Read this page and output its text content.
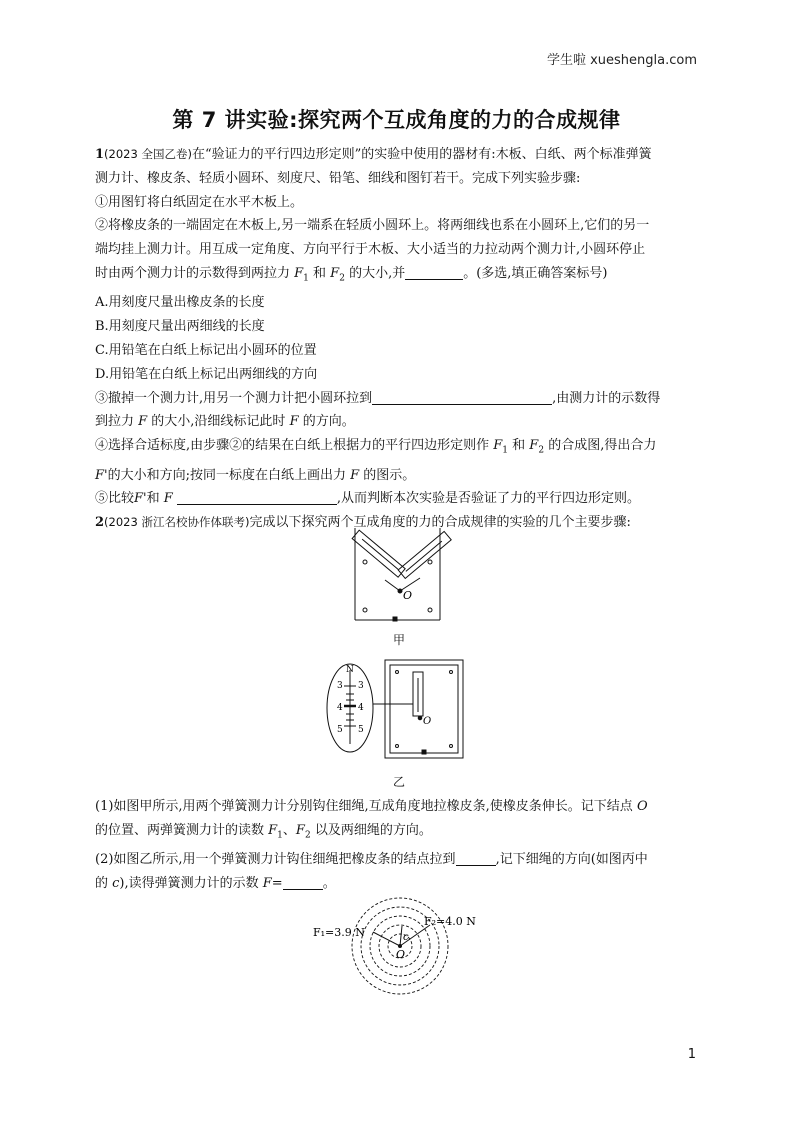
学生啦 xueshengla.com
第 7 讲实验:探究两个互成角度的力的合成规律
1(2023 全国乙卷)在“验证力的平行四边形定则”的实验中使用的器材有:木板、白纸、两个标准弹簧
测力计、橡皮条、轻质小圆环、刻度尺、铅笔、细线和图钉若干。完成下列实验步骤:
①用图钉将白纸固定在水平木板上。
②将橡皮条的一端固定在木板上,另一端系在轻质小圆环上。将两细线也系在小圆环上,它们的另一
端均挂上测力计。用互成一定角度、方向平行于木板、大小适当的力拉动两个测力计,小圆环停止
时由两个测力计的示数得到两拉力 $F_1$ 和 $F_2$ 的大小,并	。(多选,填正确答案标号)
A.用刻度尺量出橡皮条的长度
B.用刻度尺量出两细线的长度
C.用铅笔在白纸上标记出小圆环的位置
D.用铅笔在白纸上标记出两细线的方向
③撤掉一个测力计,用另一个测力计把小圆环拉到	,由测力计的示数得
到拉力 F 的大小,沿细线标记此时 F 的方向。
④选择合适标度,由步骤②的结果在白纸上根据力的平行四边形定则作 $F_1$ 和 $F_2$ 的合成图,得出合力
F'的大小和方向;按同一标度在白纸上画出力 F 的图示。
⑤比较F'和 F	,从而判断本次实验是否验证了力的平行四边形定则。
2(2023 浙江名校协作体联考)完成以下探究两个互成角度的力的合成规律的实验的几个主要步骤:
O
甲
3
4
5
3
4
5
N
O
乙
(1)如图甲所示,用两个弹簧测力计分别钩住细绳,互成角度地拉橡皮条,使橡皮条伸长。记下结点 O
的位置、两弹簧测力计的读数 $F_1$、$F_2$ 以及两细绳的方向。
(2)如图乙所示,用一个弹簧测力计钩住细绳把橡皮条的结点拉到	,记下细绳的方向(如图丙中
的 c),读得弹簧测力计的示数 F=	。
F₁=3.9 N
F₂=4.0 N
c
O
1
